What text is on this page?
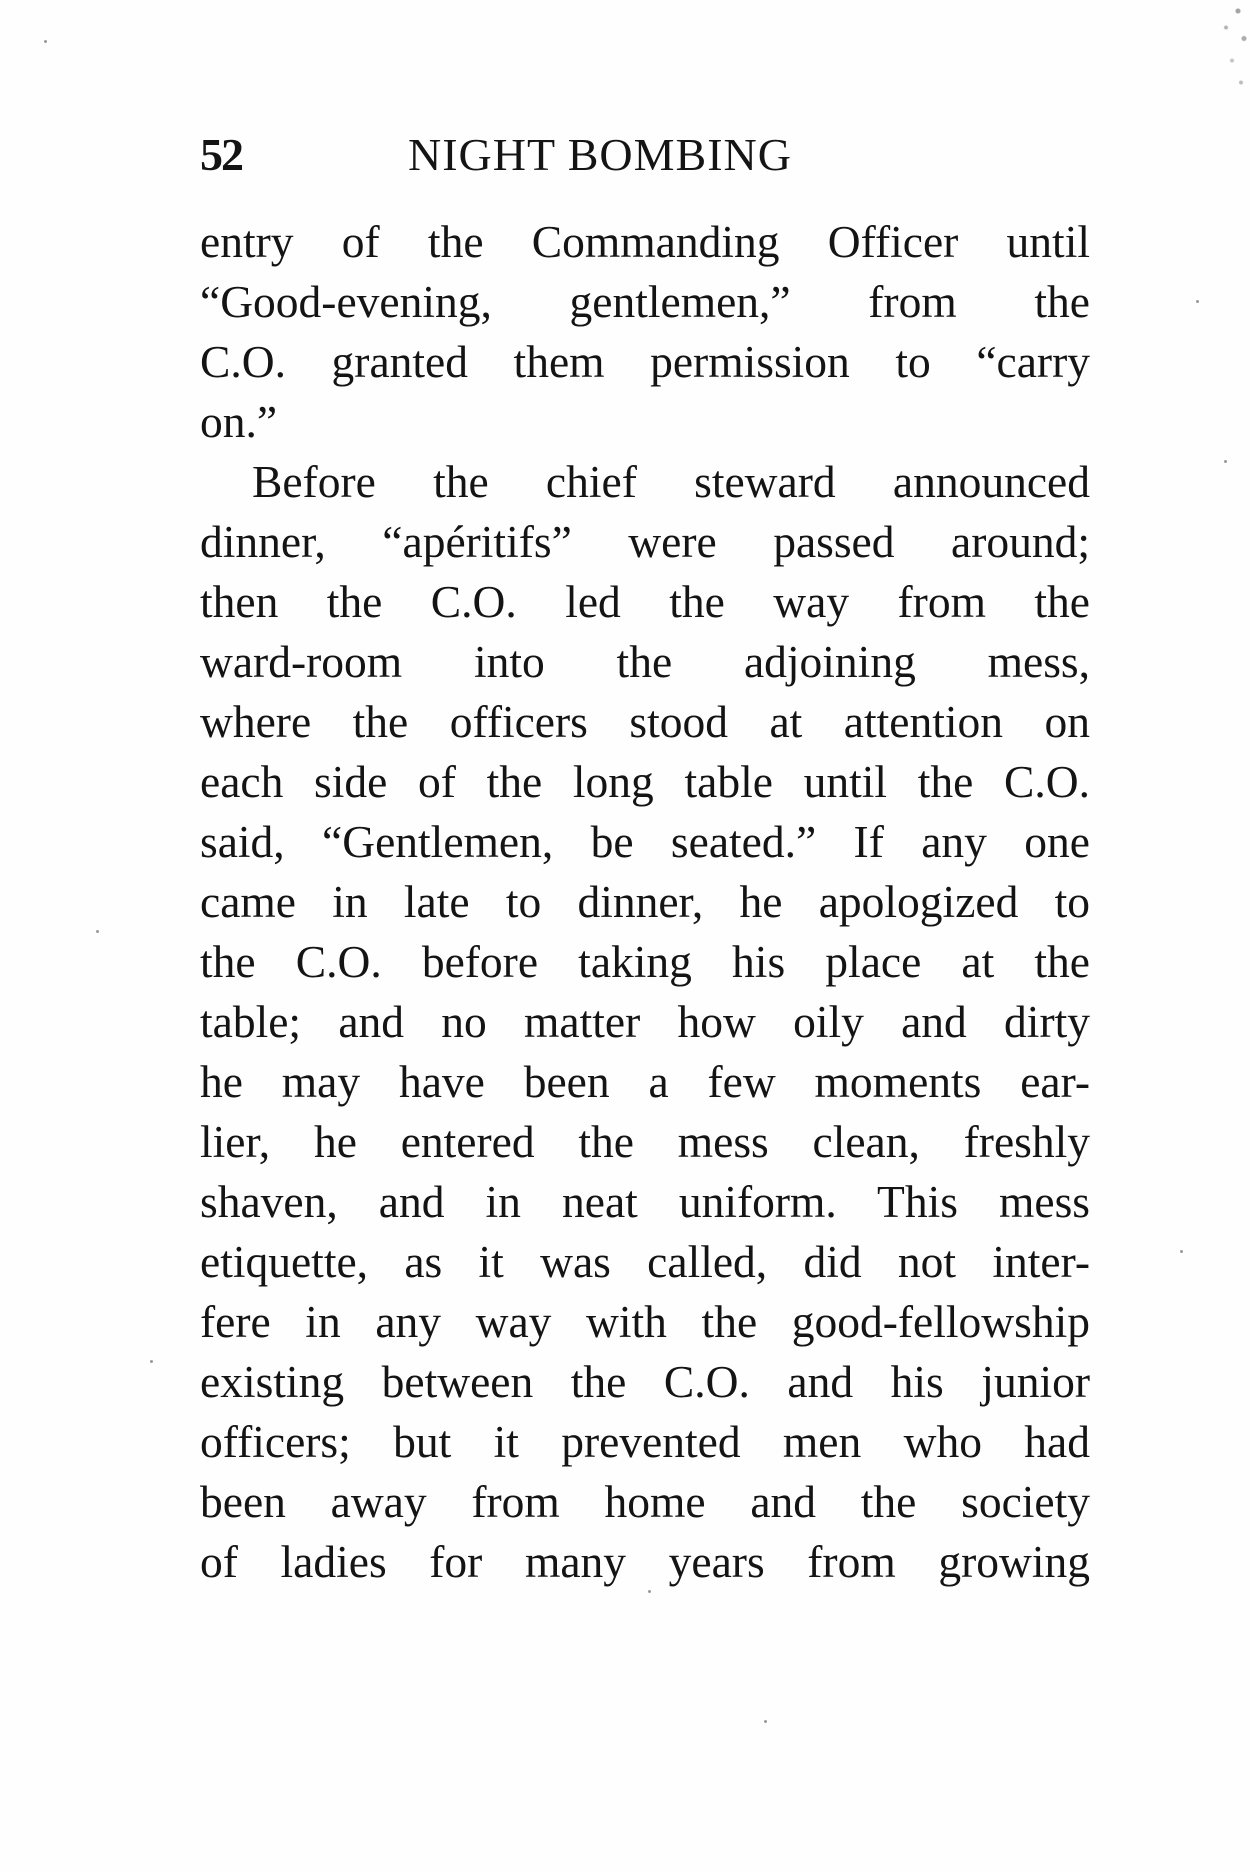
52	NIGHT BOMBING
entry of the Commanding Officer until
“Good-evening, gentlemen,” from the
C.O. granted them permission to “carry
on.”
Before the chief steward announced
dinner, “apéritifs” were passed around;
then the C.O. led the way from the
ward-room into the adjoining mess,
where the officers stood at attention on
each side of the long table until the C.O.
said, “Gentlemen, be seated.” If any one
came in late to dinner, he apologized to
the C.O. before taking his place at the
table; and no matter how oily and dirty
he may have been a few moments ear-
lier, he entered the mess clean, freshly
shaven, and in neat uniform. This mess
etiquette, as it was called, did not inter-
fere in any way with the good-fellowship
existing between the C.O. and his junior
officers; but it prevented men who had
been away from home and the society
of ladies for many years from growing
